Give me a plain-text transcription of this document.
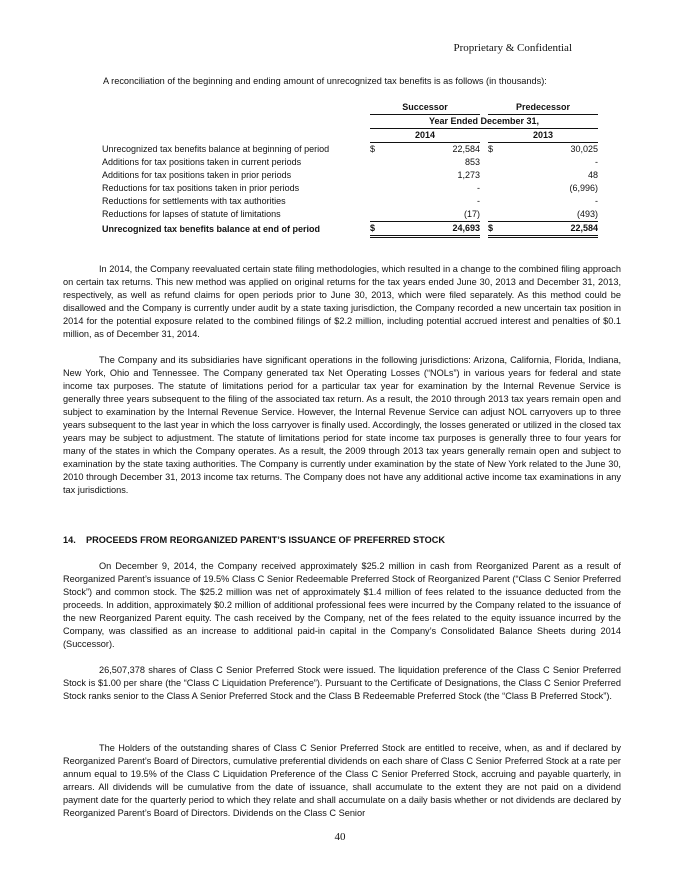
Proprietary & Confidential
A reconciliation of the beginning and ending amount of unrecognized tax benefits is as follows (in thousands):
	Successor			Predecessor	
	Year Ended December 31,				
	2014			2013	
Unrecognized tax benefits balance at beginning of period	$	22,584		$	30,025
Additions for tax positions taken in current periods		853			-
Additions for tax positions taken in prior periods		1,273			48
Reductions for tax positions taken in prior periods		-			(6,996)
Reductions for settlements with tax authorities		-			-
Reductions for lapses of statute of limitations		(17)			(493)
Unrecognized tax benefits balance at end of period	$	24,693		$	22,584
In 2014, the Company reevaluated certain state filing methodologies, which resulted in a change to the combined filing approach on certain tax returns. This new method was applied on original returns for the tax years ended June 30, 2013 and December 31, 2013, respectively, as well as refund claims for open periods prior to June 30, 2013, which were filed separately. As this method could be disallowed and the Company is currently under audit by a state taxing jurisdiction, the Company recorded a new uncertain tax position in 2014 for the potential exposure related to the combined filings of $2.2 million, including potential accrued interest and penalties of $0.1 million, as of December 31, 2014.
The Company and its subsidiaries have significant operations in the following jurisdictions: Arizona, California, Florida, Indiana, New York, Ohio and Tennessee. The Company generated tax Net Operating Losses (“NOLs”) in various years for federal and state income tax purposes. The statute of limitations period for a particular tax year for examination by the Internal Revenue Service is generally three years subsequent to the filing of the associated tax return. As a result, the 2010 through 2013 tax years remain open and subject to examination by the Internal Revenue Service. However, the Internal Revenue Service can adjust NOL carryovers up to three years subsequent to the last year in which the loss carryover is finally used. Accordingly, the losses generated or utilized in the closed tax years may be subject to adjustment. The statute of limitations period for state income tax purposes is generally three to four years for many of the states in which the Company operates. As a result, the 2009 through 2013 tax years generally remain open and subject to examination by the state taxing authorities. The Company is currently under examination by the state of New York related to the June 30, 2010 through December 31, 2013 income tax returns. The Company does not have any additional active income tax examinations in any tax jurisdictions.
14.    PROCEEDS FROM REORGANIZED PARENT’S ISSUANCE OF PREFERRED STOCK
On December 9, 2014, the Company received approximately $25.2 million in cash from Reorganized Parent as a result of Reorganized Parent’s issuance of 19.5% Class C Senior Redeemable Preferred Stock of Reorganized Parent (“Class C Senior Preferred Stock”) and common stock. The $25.2 million was net of approximately $1.4 million of fees related to the issuance deducted from the proceeds. In addition, approximately $0.2 million of additional professional fees were incurred by the Company related to the issuance of the new Reorganized Parent equity. The cash received by the Company, net of the fees related to the equity issuance incurred by the Company, was classified as an increase to additional paid-in capital in the Company’s Consolidated Balance Sheets during 2014 (Successor).
26,507,378 shares of Class C Senior Preferred Stock were issued. The liquidation preference of the Class C Senior Preferred Stock is $1.00 per share (the “Class C Liquidation Preference”). Pursuant to the Certificate of Designations, the Class C Senior Preferred Stock ranks senior to the Class A Senior Preferred Stock and the Class B Redeemable Preferred Stock (the “Class B Preferred Stock”).
The Holders of the outstanding shares of Class C Senior Preferred Stock are entitled to receive, when, as and if declared by Reorganized Parent’s Board of Directors, cumulative preferential dividends on each share of Class C Senior Preferred Stock at a rate per annum equal to 19.5% of the Class C Liquidation Preference of the Class C Senior Preferred Stock, accruing and payable quarterly, in arrears. All dividends will be cumulative from the date of issuance, shall accumulate to the extent they are not paid on a dividend payment date for the quarterly period to which they relate and shall accumulate on a daily basis whether or not dividends are declared by Reorganized Parent’s Board of Directors. Dividends on the Class C Senior
40
